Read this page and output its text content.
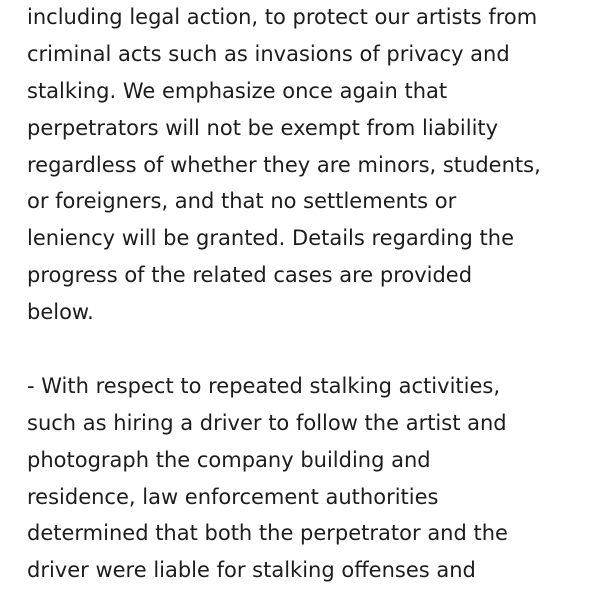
including legal action, to protect our artists from
criminal acts such as invasions of privacy and
stalking. We emphasize once again that
perpetrators will not be exempt from liability
regardless of whether they are minors, students,
or foreigners, and that no settlements or
leniency will be granted. Details regarding the
progress of the related cases are provided
below.
- With respect to repeated stalking activities,
such as hiring a driver to follow the artist and
photograph the company building and
residence, law enforcement authorities
determined that both the perpetrator and the
driver were liable for stalking offenses and
